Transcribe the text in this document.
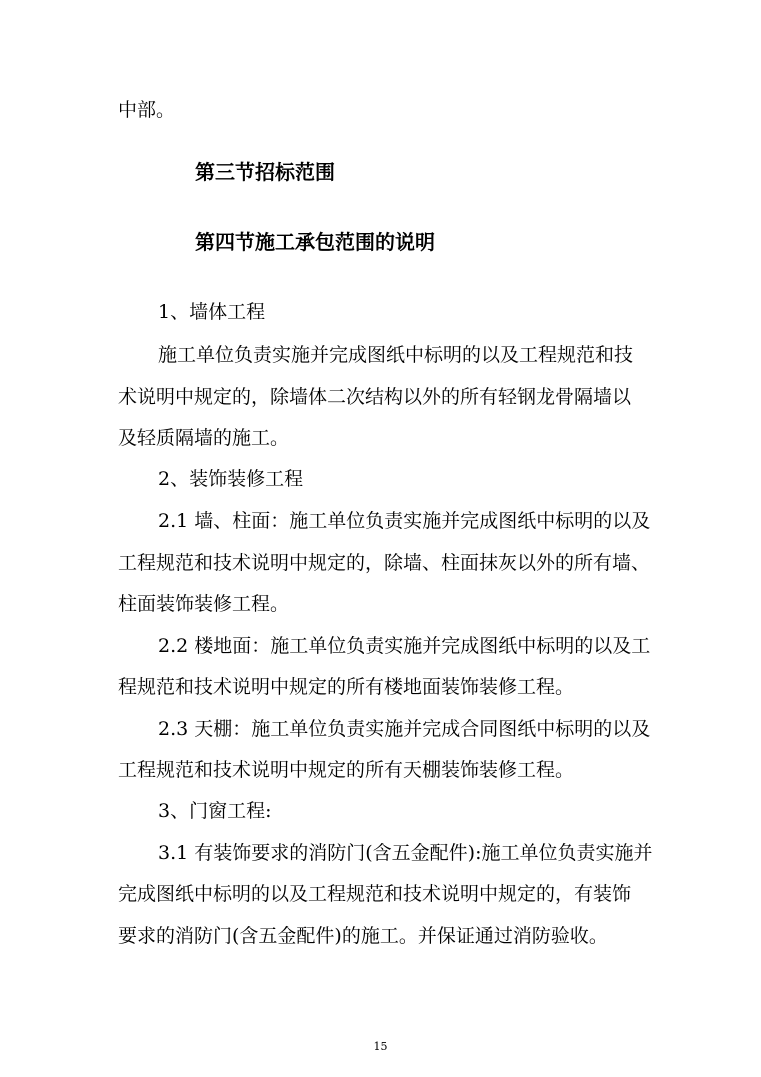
中部。
第三节招标范围
第四节施工承包范围的说明
1、墙体工程
施工单位负责实施并完成图纸中标明的以及工程规范和技
术说明中规定的，除墙体二次结构以外的所有轻钢龙骨隔墙以
及轻质隔墙的施工。
2、装饰装修工程
2.1 墙、柱面：施工单位负责实施并完成图纸中标明的以及
工程规范和技术说明中规定的，除墙、柱面抹灰以外的所有墙、
柱面装饰装修工程。
2.2 楼地面：施工单位负责实施并完成图纸中标明的以及工
程规范和技术说明中规定的所有楼地面装饰装修工程。
2.3 天棚：施工单位负责实施并完成合同图纸中标明的以及
工程规范和技术说明中规定的所有天棚装饰装修工程。
3、门窗工程:
3.1 有装饰要求的消防门(含五金配件):施工单位负责实施并
完成图纸中标明的以及工程规范和技术说明中规定的，有装饰
要求的消防门(含五金配件)的施工。并保证通过消防验收。
15
